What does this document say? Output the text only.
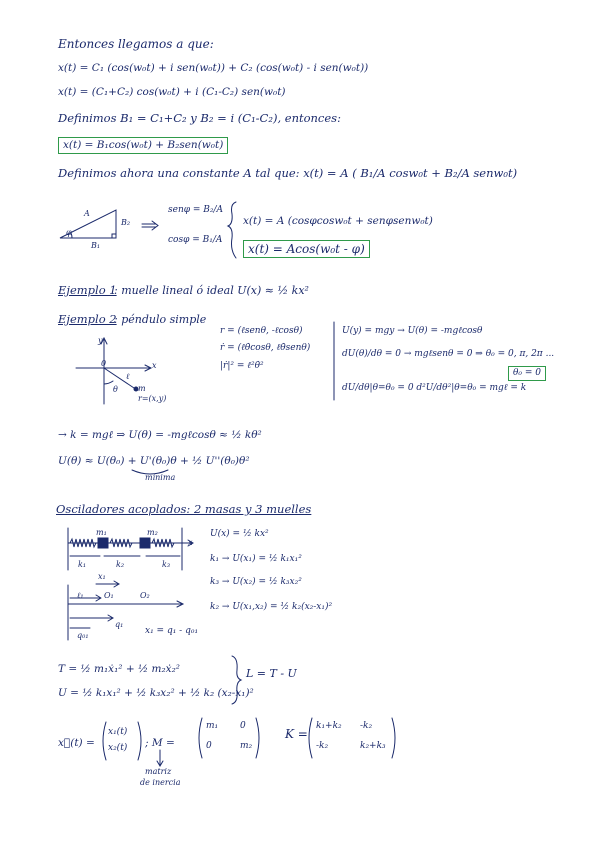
Entonces llegamos a que:
x(t) = C₁ (cos(w₀t) + i sen(w₀t)) + C₂ (cos(w₀t) - i sen(w₀t))
x(t) = (C₁+C₂) cos(w₀t) + i (C₁-C₂) sen(w₀t)
Definimos B₁ = C₁+C₂ y B₂ = i (C₁-C₂), entonces:
x(t) = B₁cos(w₀t) + B₂sen(w₀t)
Definimos ahora una constante A tal que: x(t) = A ( B₁/A cosw₀t + B₂/A senw₀t)
senφ = B₂/A
cosφ = B₁/A
x(t) = A (cosφcosw₀t + senφsenw₀t)
x(t) = Acos(w₀t - φ)
Ejemplo 1
: muelle lineal ó ideal U(x) ≈ ½ kx²
Ejemplo 2
: péndulo simple
r = (ℓsenθ, -ℓcosθ)
ṙ = (ℓθ̇cosθ, ℓθ̇senθ)
|ṙ|² = ℓ²θ̇²
U(y) = mgy → U(θ) = -mgℓcosθ
dU(θ)/dθ = 0 → mgℓsenθ = 0 ⇒ θ₀ = 0, π, 2π ...
θ₀ = 0
dU/dθ|θ=θ₀ = 0 d²U/dθ²|θ=θ₀ = mgℓ = k
→ k = mgℓ ⇒ U(θ) = -mgℓcosθ ≈ ½ kθ²
U(θ) ≈ U(θ₀) + U'(θ₀)θ + ½ U''(θ₀)θ²
mínima
Osciladores acoplados: 2 masas y 3 muelles
U(x) = ½ kx²
k₁ → U(x₁) = ½ k₁x₁²
k₃ → U(x₂) = ½ k₃x₂²
k₂ → U(x₁,x₂) = ½ k₂(x₂-x₁)²
x₁ = q₁ - q₀₁
T = ½ m₁ẋ₁² + ½ m₂ẋ₂²
U = ½ k₁x₁² + ½ k₃x₂² + ½ k₂ (x₂-x₁)²
L = T - U
x⃗(t) =	; M =
K =
matriz
de inercia
x₁(t)
x₂(t)
m₁ 0
0	m₂
k₁+k₂ -k₂
-k₂	k₂+k₃
A
B₁
B₂
φ
y
x
0
ℓ
m
θ
r=(x,y)
m₁	m₂
x
k₁	k₂	k₃
x₁
ℓ₁	O₁	O₂
q₁
q₀₁
